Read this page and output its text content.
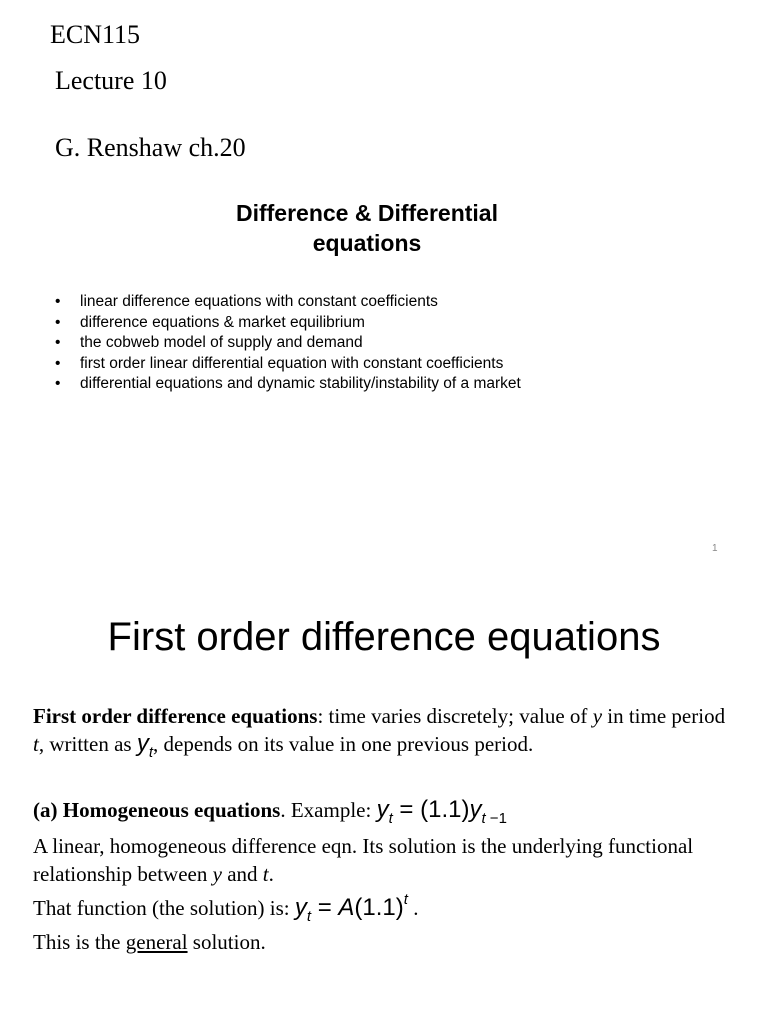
ECN115
Lecture 10
G. Renshaw ch.20
Difference & Differential
equations
• linear difference equations with constant coefficients
• difference equations & market equilibrium
• the cobweb model of supply and demand
• first order linear differential equation with constant coefficients
• differential equations and dynamic stability/instability of a market
1
First order difference equations
First order difference equations: time varies discretely; value of y in time period t, written as $y_t$, depends on its value in one previous period.
(a) Homogeneous equations. Example: $y_t = (1.1)y_{t -1}$
A linear, homogeneous difference eqn. Its solution is the underlying functional relationship between y and t.
That function (the solution) is: $y_t = A(1.1)^t$ .
This is the general solution.
